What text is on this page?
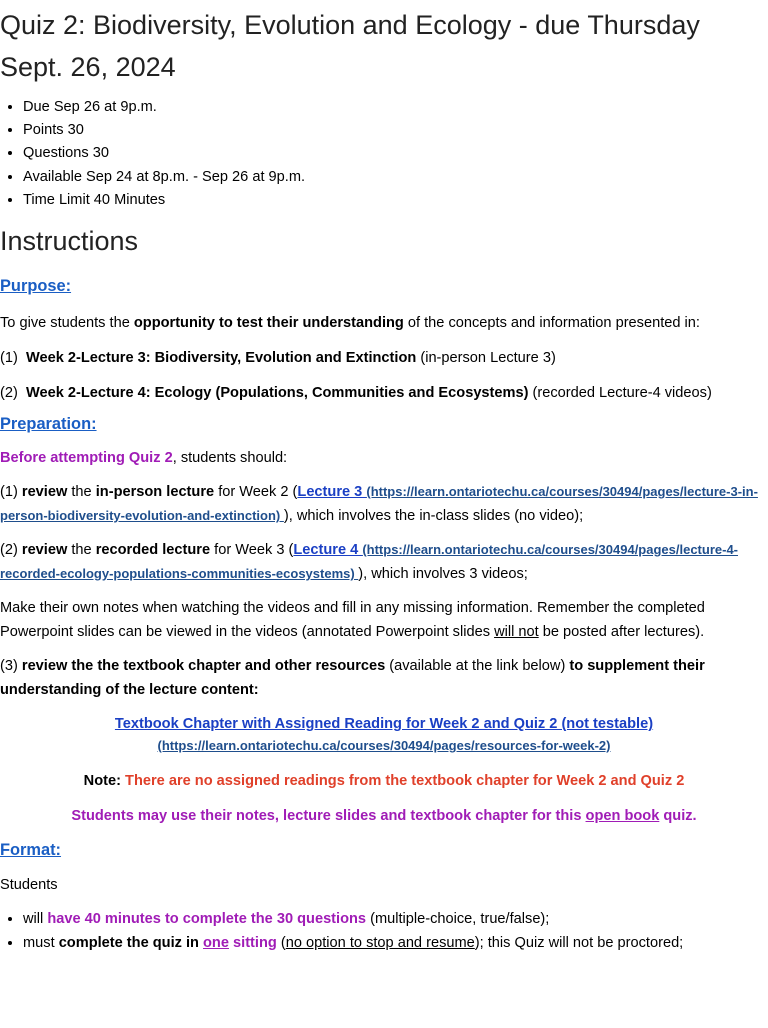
Quiz 2: Biodiversity, Evolution and Ecology - due Thursday Sept. 26, 2024
• Due Sep 26 at 9p.m.
• Points 30
• Questions 30
• Available Sep 24 at 8p.m. - Sep 26 at 9p.m.
• Time Limit 40 Minutes
Instructions
Purpose:

To give students the opportunity to test their understanding of the concepts and information presented in:

(1)  Week 2-Lecture 3: Biodiversity, Evolution and Extinction (in-person Lecture 3)

(2)  Week 2-Lecture 4: Ecology (Populations, Communities and Ecosystems) (recorded Lecture-4 videos)

Preparation:

Before attempting Quiz 2, students should:

(1) review the in-person lecture for Week 2 (Lecture 3 (https://learn.ontariotechu.ca/courses/30494/pages/lecture-3-in-person-biodiversity-evolution-and-extinction) ), which involves the in-class slides (no video);

(2) review the recorded lecture for Week 3 (Lecture 4 (https://learn.ontariotechu.ca/courses/30494/pages/lecture-4-recorded-ecology-populations-communities-ecosystems) ), which involves 3 videos;

Make their own notes when watching the videos and fill in any missing information. Remember the completed Powerpoint slides can be viewed in the videos (annotated Powerpoint slides will not be posted after lectures).

(3) review the the textbook chapter and other resources (available at the link below) to supplement their understanding of the lecture content:

Textbook Chapter with Assigned Reading for Week 2 and Quiz 2 (not testable)
(https://learn.ontariotechu.ca/courses/30494/pages/resources-for-week-2)

Note: There are no assigned readings from the textbook chapter for Week 2 and Quiz 2

Students may use their notes, lecture slides and textbook chapter for this open book quiz.

Format:

Students

• will have 40 minutes to complete the 30 questions (multiple-choice, true/false);
• must complete the quiz in one sitting (no option to stop and resume); this Quiz will not be proctored;
